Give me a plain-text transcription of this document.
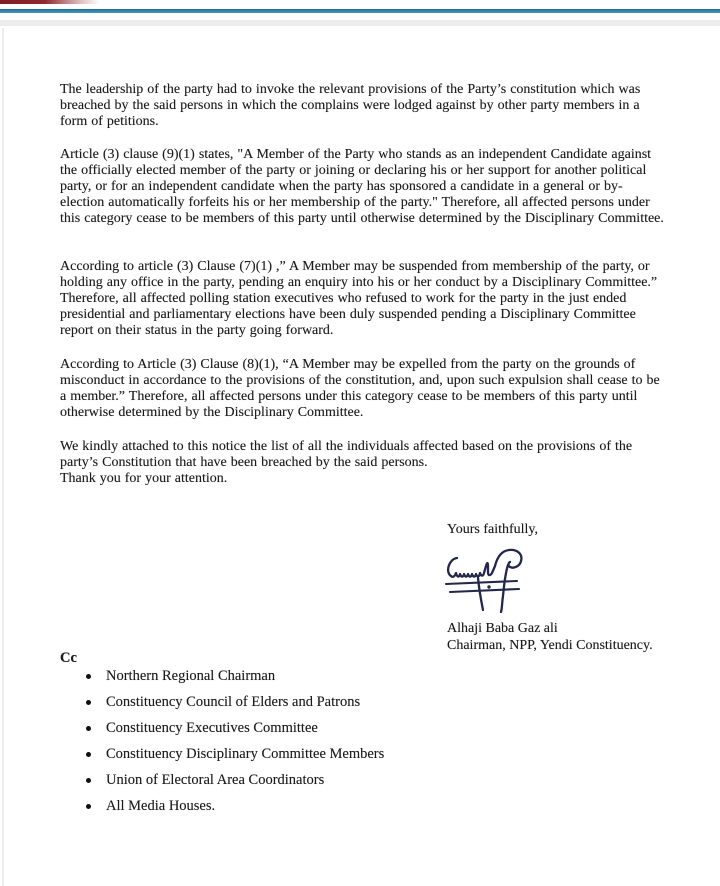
The leadership of the party had to invoke the relevant provisions of the Party’s constitution which was breached by the said persons in which the complains were lodged against by other party members in a form of petitions.

Article (3) clause (9)(1) states, "A Member of the Party who stands as an independent Candidate against the officially elected member of the party or joining or declaring his or her support for another political party, or for an independent candidate when the party has sponsored a candidate in a general or by-election automatically forfeits his or her membership of the party." Therefore, all affected persons under this category cease to be members of this party until otherwise determined by the Disciplinary Committee.

According to article (3) Clause (7)(1) ,” A Member may be suspended from membership of the party, or holding any office in the party, pending an enquiry into his or her conduct by a Disciplinary Committee.” Therefore, all affected polling station executives who refused to work for the party in the just ended presidential and parliamentary elections have been duly suspended pending a Disciplinary Committee report on their status in the party going forward.

According to Article (3) Clause (8)(1), “A Member may be expelled from the party on the grounds of misconduct in accordance to the provisions of the constitution, and, upon such expulsion shall cease to be a member.” Therefore, all affected persons under this category cease to be members of this party until otherwise determined by the Disciplinary Committee.

We kindly attached to this notice the list of all the individuals affected based on the provisions of the party’s Constitution that have been breached by the said persons.
Thank you for your attention.

Yours faithfully,

Alhaji Baba Gaz ali

Chairman, NPP, Yendi Constituency.

Cc
Northern Regional Chairman
Constituency Council of Elders and Patrons
Constituency Executives Committee
Constituency Disciplinary Committee Members
Union of Electoral Area Coordinators
All Media Houses.
